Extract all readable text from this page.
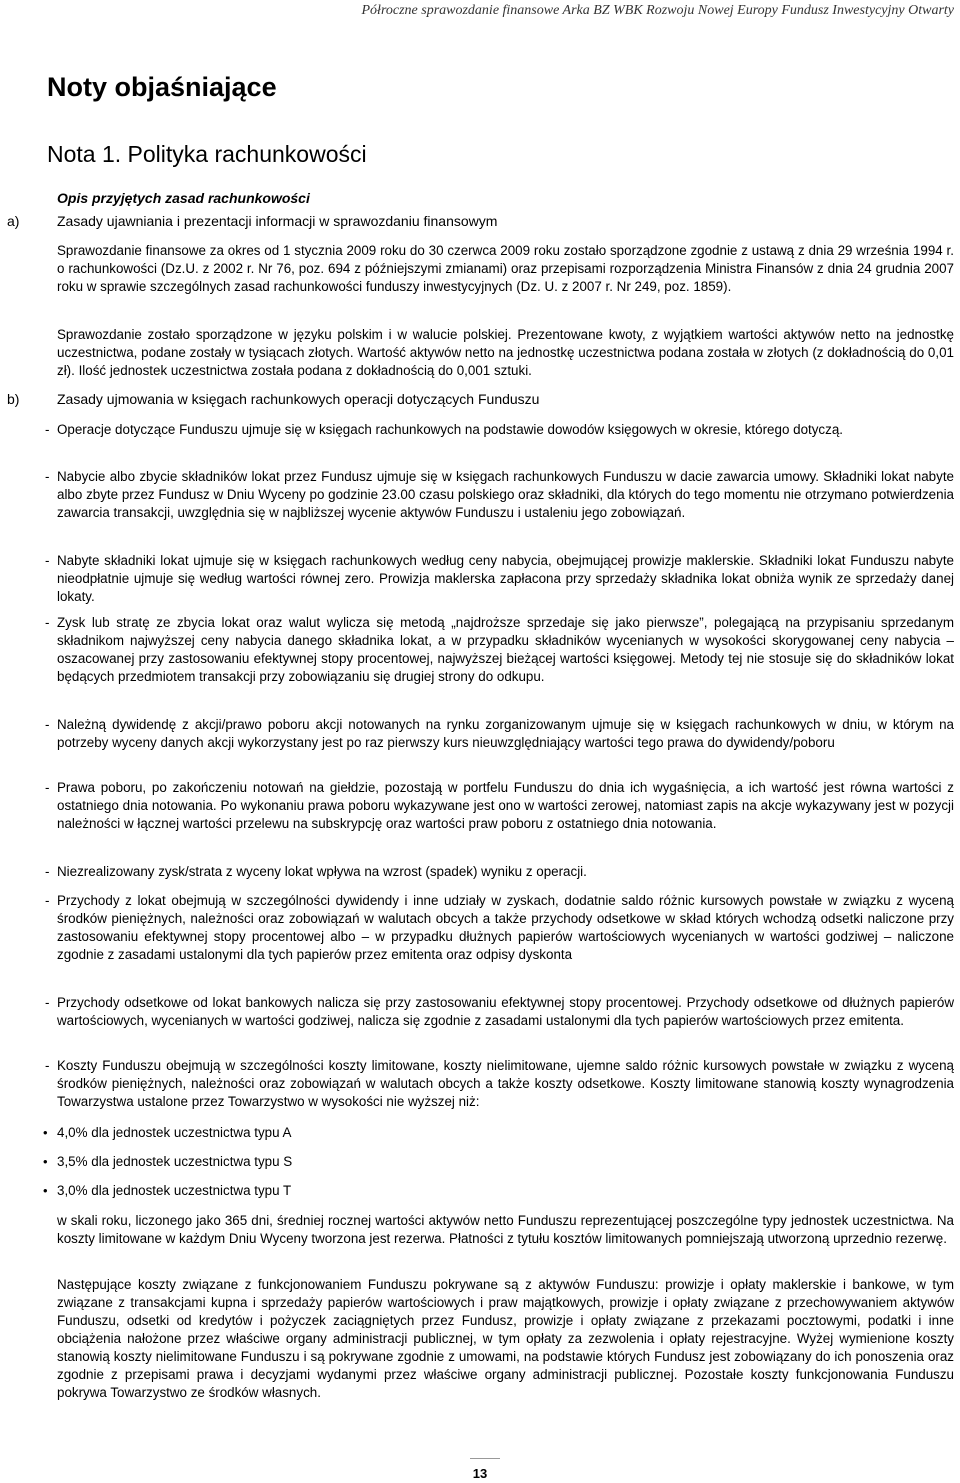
Półroczne sprawozdanie finansowe Arka BZ WBK Rozwoju Nowej Europy Fundusz Inwestycyjny Otwarty
Noty objaśniające
Nota 1. Polityka rachunkowości
Opis przyjętych zasad rachunkowości
a)	Zasady ujawniania i prezentacji informacji w sprawozdaniu finansowym

Sprawozdanie finansowe za okres od 1 stycznia 2009 roku do 30 czerwca 2009 roku zostało sporządzone zgodnie z ustawą z dnia 29 września 1994 r. o rachunkowości (Dz.U. z 2002 r. Nr 76, poz. 694 z późniejszymi zmianami) oraz przepisami rozporządzenia Ministra Finansów z dnia 24 grudnia 2007 roku w sprawie szczególnych zasad rachunkowości funduszy inwestycyjnych (Dz. U. z 2007 r. Nr 249, poz. 1859).

Sprawozdanie zostało sporządzone w języku polskim i w walucie polskiej. Prezentowane kwoty, z wyjątkiem wartości aktywów netto na jednostkę uczestnictwa, podane zostały w tysiącach złotych. Wartość aktywów netto na jednostkę uczestnictwa podana została w złotych (z dokładnością do 0,01 zł). Ilość jednostek uczestnictwa została podana z dokładnością do 0,001 sztuki.

b)	Zasady ujmowania w księgach rachunkowych operacji dotyczących Funduszu
- Operacje dotyczące Funduszu ujmuje się w księgach rachunkowych na podstawie dowodów księgowych w okresie, którego dotyczą.
- Nabycie albo zbycie składników lokat przez Fundusz ujmuje się w księgach rachunkowych Funduszu w dacie zawarcia umowy. Składniki lokat nabyte albo zbyte przez Fundusz w Dniu Wyceny po godzinie 23.00 czasu polskiego oraz składniki, dla których do tego momentu nie otrzymano potwierdzenia zawarcia transakcji, uwzględnia się w najbliższej wycenie aktywów Funduszu i ustaleniu jego zobowiązań.
- Nabyte składniki lokat ujmuje się w księgach rachunkowych według ceny nabycia, obejmującej prowizje maklerskie. Składniki lokat Funduszu nabyte nieodpłatnie ujmuje się według wartości równej zero. Prowizja maklerska zapłacona przy sprzedaży składnika lokat obniża wynik ze sprzedaży danej lokaty.
- Zysk lub stratę ze zbycia lokat oraz walut wylicza się metodą „najdroższe sprzedaje się jako pierwsze”, polegającą na przypisaniu sprzedanym składnikom najwyższej ceny nabycia danego składnika lokat, a w przypadku składników wycenianych w wysokości skorygowanej ceny nabycia – oszacowanej przy zastosowaniu efektywnej stopy procentowej, najwyższej bieżącej wartości księgowej. Metody tej nie stosuje się do składników lokat będących przedmiotem transakcji przy zobowiązaniu się drugiej strony do odkupu.
- Należną dywidendę z akcji/prawo poboru akcji notowanych na rynku zorganizowanym ujmuje się w księgach rachunkowych w dniu, w którym na potrzeby wyceny danych akcji wykorzystany jest po raz pierwszy kurs nieuwzględniający wartości tego prawa do dywidendy/poboru
- Prawa poboru, po zakończeniu notowań na giełdzie, pozostają w portfelu Funduszu do dnia ich wygaśnięcia, a ich wartość jest równa wartości z ostatniego dnia notowania. Po wykonaniu prawa poboru wykazywane jest ono w wartości zerowej, natomiast zapis na akcje wykazywany jest w pozycji należności w łącznej wartości przelewu na subskrypcję oraz wartości praw poboru z ostatniego dnia notowania.
- Niezrealizowany zysk/strata z wyceny lokat wpływa na wzrost (spadek) wyniku z operacji.
- Przychody z lokat obejmują w szczególności dywidendy i inne udziały w zyskach, dodatnie saldo różnic kursowych powstałe w związku z wyceną środków pieniężnych, należności oraz zobowiązań w walutach obcych a także przychody odsetkowe w skład których wchodzą odsetki naliczone przy zastosowaniu efektywnej stopy procentowej albo – w przypadku dłużnych papierów wartościowych wycenianych w wartości godziwej – naliczone zgodnie z zasadami ustalonymi dla tych papierów przez emitenta oraz odpisy dyskonta
- Przychody odsetkowe od lokat bankowych nalicza się przy zastosowaniu efektywnej stopy procentowej. Przychody odsetkowe od dłużnych papierów wartościowych, wycenianych w wartości godziwej, nalicza się zgodnie z zasadami ustalonymi dla tych papierów wartościowych przez emitenta.
- Koszty Funduszu obejmują w szczególności koszty limitowane, koszty nielimitowane, ujemne saldo różnic kursowych powstałe w związku z wyceną środków pieniężnych, należności oraz zobowiązań w walutach obcych a także koszty odsetkowe. Koszty limitowane stanowią koszty wynagrodzenia Towarzystwa ustalone przez Towarzystwo w wysokości nie wyższej niż:
• 4,0% dla jednostek uczestnictwa typu A
• 3,5% dla jednostek uczestnictwa typu S
• 3,0% dla jednostek uczestnictwa typu T

w skali roku, liczonego jako 365 dni, średniej rocznej wartości aktywów netto Funduszu reprezentującej poszczególne typy jednostek uczestnictwa. Na koszty limitowane w każdym Dniu Wyceny tworzona jest rezerwa. Płatności z tytułu kosztów limitowanych pomniejszają utworzoną uprzednio rezerwę.

Następujące koszty związane z funkcjonowaniem Funduszu pokrywane są z aktywów Funduszu: prowizje i opłaty maklerskie i bankowe, w tym związane z transakcjami kupna i sprzedaży papierów wartościowych i praw majątkowych, prowizje i opłaty związane z przechowywaniem aktywów Funduszu, odsetki od kredytów i pożyczek zaciągniętych przez Fundusz, prowizje i opłaty związane z przekazami pocztowymi, podatki i inne obciążenia nałożone przez właściwe organy administracji publicznej, w tym opłaty za zezwolenia i opłaty rejestracyjne. Wyżej wymienione koszty stanowią koszty nielimitowane Funduszu i są pokrywane zgodnie z umowami, na podstawie których Fundusz jest zobowiązany do ich ponoszenia oraz zgodnie z przepisami prawa i decyzjami wydanymi przez właściwe organy administracji publicznej. Pozostałe koszty funkcjonowania Funduszu pokrywa Towarzystwo ze środków własnych.

13
